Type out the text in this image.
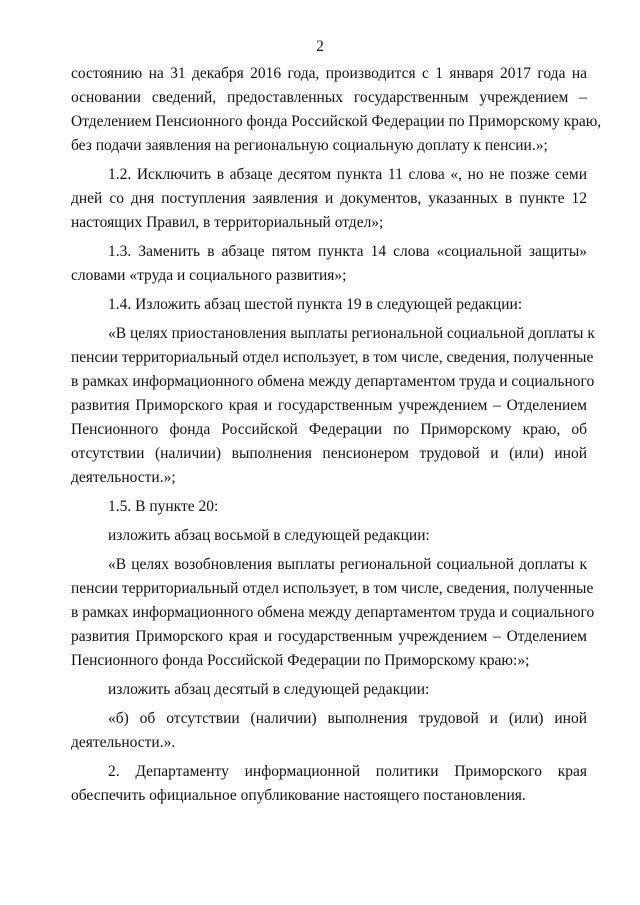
2
состоянию на 31 декабря 2016 года, производится с 1 января 2017 года на
основании сведений, предоставленных государственным учреждением –
Отделением Пенсионного фонда Российской Федерации по Приморскому краю,
без подачи заявления на региональную социальную доплату к пенсии.»;
1.2. Исключить в абзаце десятом пункта 11 слова «, но не позже семи
дней со дня поступления заявления и документов, указанных в пункте 12
настоящих Правил, в территориальный отдел»;
1.3. Заменить в абзаце пятом пункта 14 слова «социальной защиты»
словами «труда и социального развития»;
1.4. Изложить абзац шестой пункта 19 в следующей редакции:
«В целях приостановления выплаты региональной социальной доплаты к
пенсии территориальный отдел использует, в том числе, сведения, полученные
в рамках информационного обмена между департаментом труда и социального
развития Приморского края и государственным учреждением – Отделением
Пенсионного фонда Российской Федерации по Приморскому краю, об
отсутствии (наличии) выполнения пенсионером трудовой и (или) иной
деятельности.»;
1.5. В пункте 20:
изложить абзац восьмой в следующей редакции:
«В целях возобновления выплаты региональной социальной доплаты к
пенсии территориальный отдел использует, в том числе, сведения, полученные
в рамках информационного обмена между департаментом труда и социального
развития Приморского края и государственным учреждением – Отделением
Пенсионного фонда Российской Федерации по Приморскому краю:»;
изложить абзац десятый в следующей редакции:
«б) об отсутствии (наличии) выполнения трудовой и (или) иной
деятельности.».
2. Департаменту информационной политики Приморского края
обеспечить официальное опубликование настоящего постановления.
